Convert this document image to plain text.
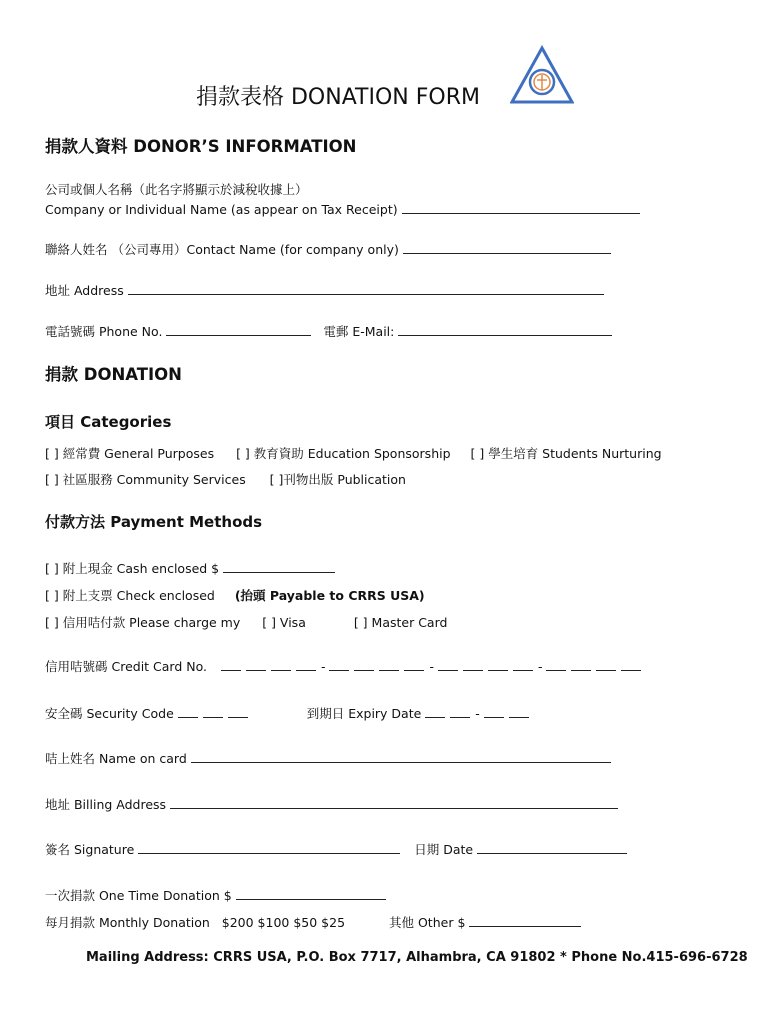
捐款表格 DONATION FORM
捐款人資料 DONOR’S INFORMATION
公司或個人名稱（此名字將顯示於減稅收據上）
Company or Individual Name (as appear on Tax Receipt)
聯絡人姓名 （公司專用）Contact Name (for company only)
地址 Address
電話號碼 Phone No.	電郵 E-Mail:
捐款 DONATION
項目 Categories
[ ] 經常費 General Purposes [ ] 教育資助 Education Sponsorship [ ] 學生培育 Students Nurturing
[ ] 社區服務 Community Services [ ]刊物出版 Publication
付款方法 Payment Methods
[ ] 附上現金 Cash enclosed $
[ ] 附上支票 Check enclosed (抬頭 Payable to CRRS USA)
[ ] 信用咭付款 Please charge my [ ] Visa	[ ] Master Card
信用咭號碼 Credit Card No.	-	-	-
安全碼 Security Code	到期日 Expiry Date	-
咭上姓名 Name on card
地址 Billing Address
簽名 Signature	日期 Date
一次捐款 One Time Donation $
每月捐款 Monthly Donation $200 $100 $50 $25	其他 Other $
Mailing Address: CRRS USA, P.O. Box 7717, Alhambra, CA 91802 * Phone No.415-696-6728
